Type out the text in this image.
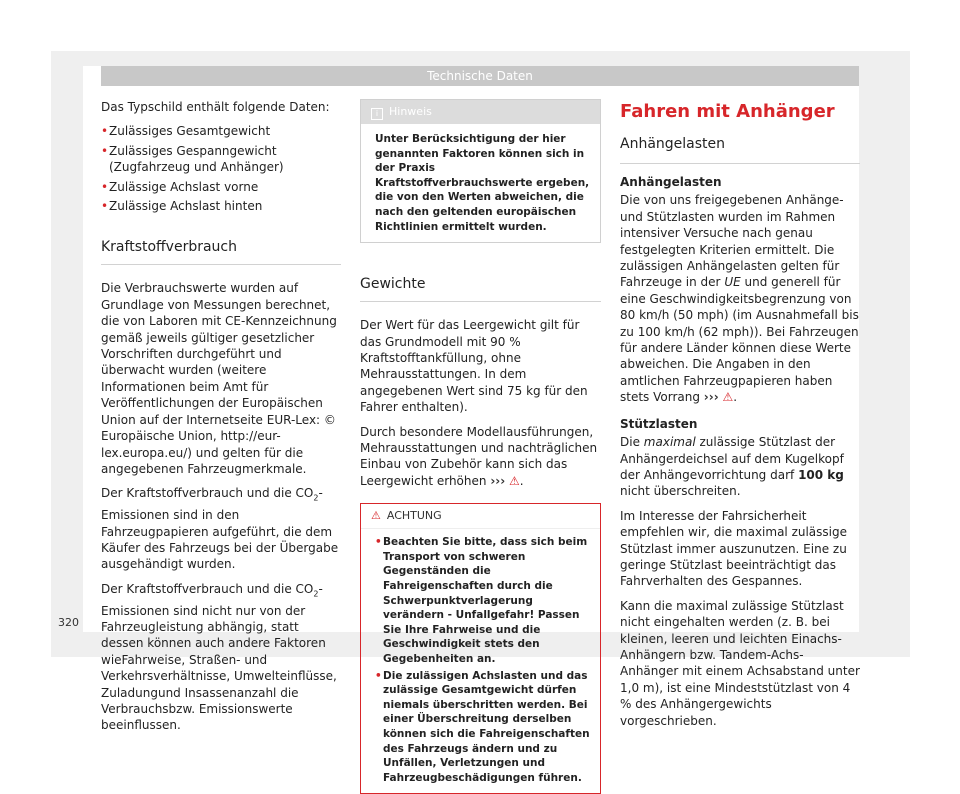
Technische Daten

Das Typschild enthält folgende Daten:

• Zulässiges Gesamtgewicht
• Zulässiges Gespanngewicht (Zugfahrzeug und Anhänger)
• Zulässige Achslast vorne
• Zulässige Achslast hinten
Kraftstoffverbrauch

Die Verbrauchswerte wurden auf Grundlage von Messungen berechnet, die von Laboren mit CE-Kennzeichnung gemäß jeweils gültiger gesetzlicher Vorschriften durchgeführt und überwacht wurden (weitere Informationen beim Amt für Veröffentlichungen der Europäischen Union auf der Internetseite EUR-Lex: © Europäische Union, http://eur-lex.europa.eu/) und gelten für die angegebenen Fahrzeugmerkmale.

Der Kraftstoffverbrauch und die $CO_2$-Emissionen sind in den Fahrzeugpapieren aufgeführt, die dem Käufer des Fahrzeugs bei der Übergabe ausgehändigt wurden.

Der Kraftstoffverbrauch und die $CO_2$-Emissionen sind nicht nur von der Fahrzeugleistung abhängig, statt dessen können auch andere Faktoren wieFahrweise, Straßen- und Verkehrsverhältnisse, Umwelteinflüsse, Zuladungund Insassenanzahl die Verbrauchsbzw. Emissionswerte beeinflussen.

i Hinweis
Unter Berücksichtigung der hier genannten Faktoren können sich in der Praxis Kraftstoffverbrauchswerte ergeben, die von den Werten abweichen, die nach den geltenden europäischen Richtlinien ermittelt wurden.
Gewichte

Der Wert für das Leergewicht gilt für das Grundmodell mit 90 % Kraftstofftankfüllung, ohne Mehrausstattungen. In dem angegebenen Wert sind 75 kg für den Fahrer enthalten).

Durch besondere Modellausführungen, Mehrausstattungen und nachträglichen Einbau von Zubehör kann sich das Leergewicht erhöhen ››› ⚠.

⚠ ACHTUNG
• Beachten Sie bitte, dass sich beim Transport von schweren Gegenständen die Fahreigenschaften durch die Schwerpunktverlagerung verändern - Unfallgefahr! Passen Sie Ihre Fahrweise und die Geschwindigkeit stets den Gegebenheiten an.
• Die zulässigen Achslasten und das zulässige Gesamtgewicht dürfen niemals überschritten werden. Bei einer Überschreitung derselben können sich die Fahreigenschaften des Fahrzeugs ändern und zu Unfällen, Verletzungen und Fahrzeugbeschädigungen führen.
Fahren mit Anhänger
Anhängelasten
Anhängelasten

Die von uns freigegebenen Anhänge- und Stützlasten wurden im Rahmen intensiver Versuche nach genau festgelegten Kriterien ermittelt. Die zulässigen Anhängelasten gelten für Fahrzeuge in der UE und generell für eine Geschwindigkeitsbegrenzung von 80 km/h (50 mph) (im Ausnahmefall bis zu 100 km/h (62 mph)). Bei Fahrzeugen für andere Länder können diese Werte abweichen. Die Angaben in den amtlichen Fahrzeugpapieren haben stets Vorrang ››› ⚠.

Stützlasten

Die maximal zulässige Stützlast der Anhängerdeichsel auf dem Kugelkopf der Anhängevorrichtung darf 100 kg nicht überschreiten.

Im Interesse der Fahrsicherheit empfehlen wir, die maximal zulässige Stützlast immer auszunutzen. Eine zu geringe Stützlast beeinträchtigt das Fahrverhalten des Gespannes.

Kann die maximal zulässige Stützlast nicht eingehalten werden (z. B. bei kleinen, leeren und leichten Einachs-Anhängern bzw. Tandem-Achs-Anhänger mit einem Achsabstand unter 1,0 m), ist eine Mindeststützlast von 4 % des Anhängergewichts vorgeschrieben.

320
